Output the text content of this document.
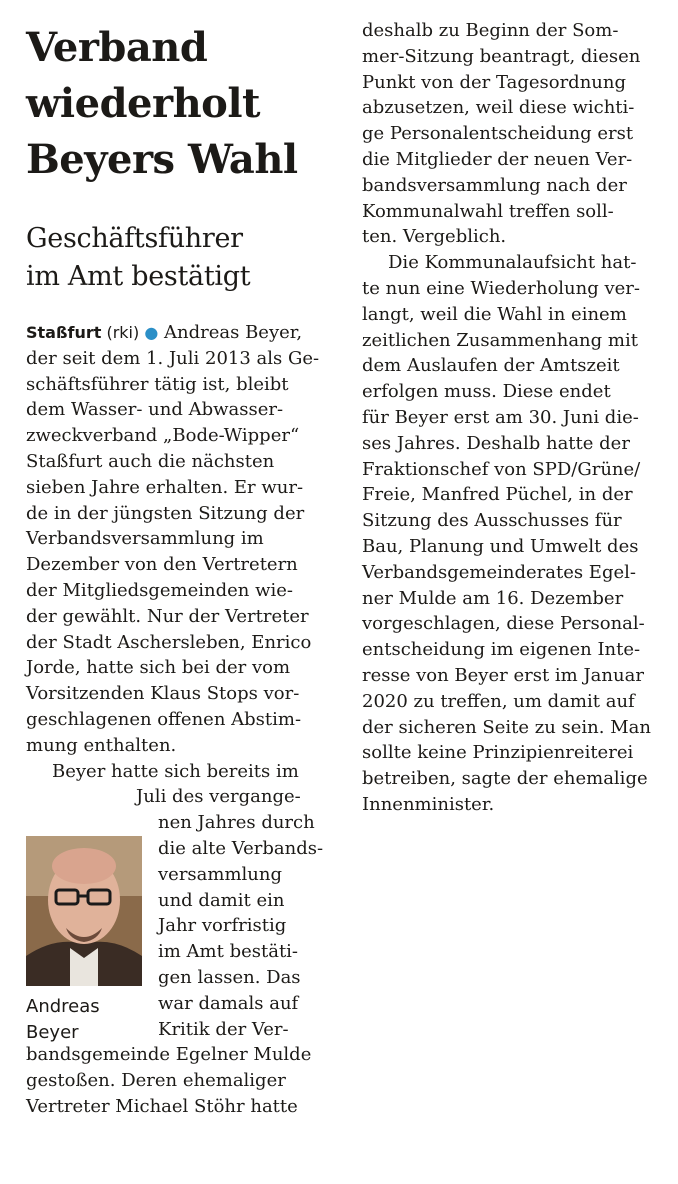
Verband
wiederholt
Beyers Wahl
Geschäftsführer
im Amt bestätigt

Staßfurt (rki) ● Andreas Beyer,

der seit dem 1. Juli 2013 als Ge-

schäftsführer tätig ist, bleibt

dem Wasser- und Abwasser-

zweckverband „Bode-Wipper“

Staßfurt auch die nächsten

sieben Jahre erhalten. Er wur-

de in der jüngsten Sitzung der

Verbandsversammlung im

Dezember von den Vertretern

der Mitgliedsgemeinden wie-

der gewählt. Nur der Vertreter

der Stadt Aschersleben, Enrico

Jorde, hatte sich bei der vom

Vorsitzenden Klaus Stops vor-

geschlagenen offenen Abstim-

mung enthalten.

Beyer hatte sich bereits im

Juli des vergange-

nen Jahres durch

die alte Verbands-

versammlung

und damit ein

Jahr vorfristig

im Amt bestäti-

gen lassen. Das

war damals auf

Kritik der Ver-

bandsgemeinde Egelner Mulde

gestoßen. Deren ehemaliger

Vertreter Michael Stöhr hatte

deshalb zu Beginn der Som-

mer-Sitzung beantragt, diesen

Punkt von der Tagesordnung

abzusetzen, weil diese wichti-

ge Personalentscheidung erst

die Mitglieder der neuen Ver-

bandsversammlung nach der

Kommunalwahl treffen soll-

ten. Vergeblich.

Die Kommunalaufsicht hat-

te nun eine Wiederholung ver-

langt, weil die Wahl in einem

zeitlichen Zusammenhang mit

dem Auslaufen der Amtszeit

erfolgen muss. Diese endet

für Beyer erst am 30. Juni die-

ses Jahres. Deshalb hatte der

Fraktionschef von SPD/Grüne/

Freie, Manfred Püchel, in der

Sitzung des Ausschusses für

Bau, Planung und Umwelt des

Verbandsgemeinderates Egel-

ner Mulde am 16. Dezember

vorgeschlagen, diese Personal-

entscheidung im eigenen Inte-

resse von Beyer erst im Januar

2020 zu treffen, um damit auf

der sicheren Seite zu sein. Man

sollte keine Prinzipienreiterei

betreiben, sagte der ehemalige

Innenminister.

Andreas
Beyer
